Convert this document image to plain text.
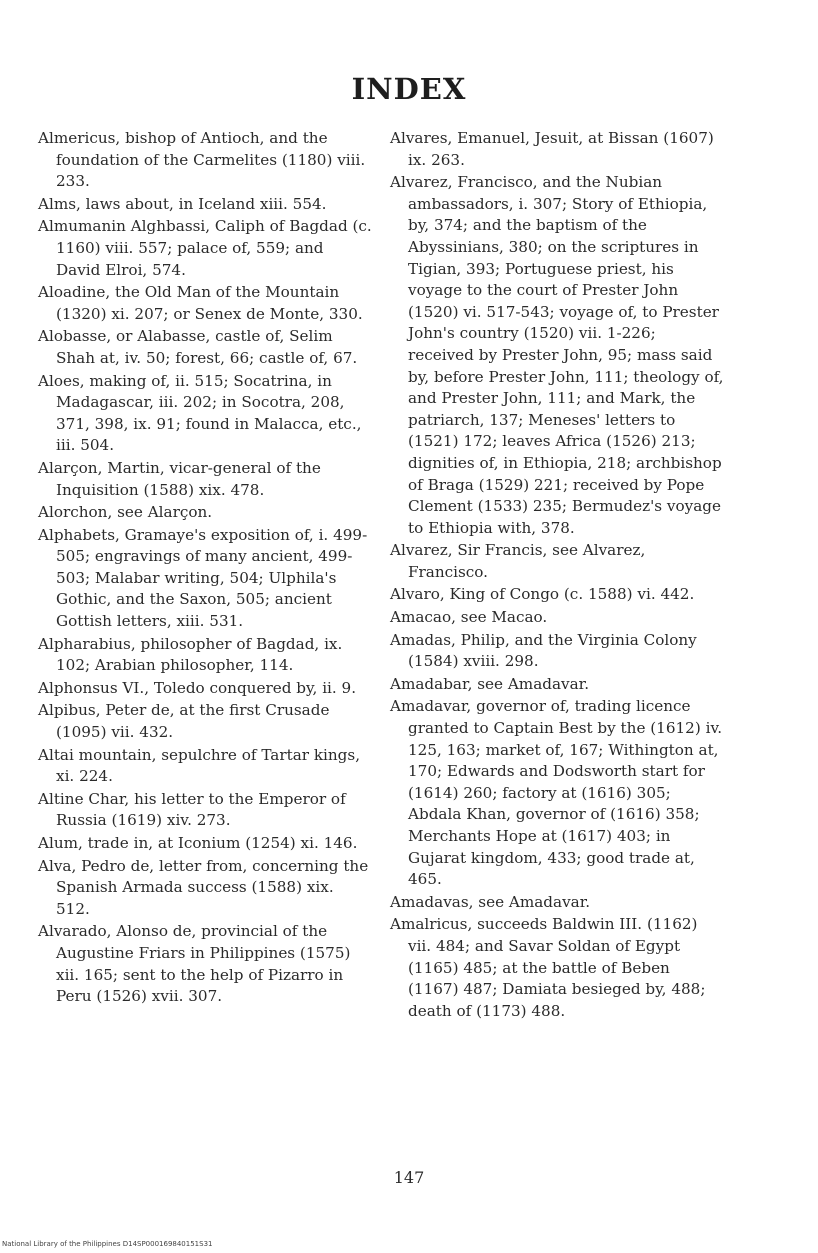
INDEX
Almericus, bishop of Antioch, and the foundation of the Carmelites (1180) viii. 233.
Alms, laws about, in Iceland xiii. 554.
Almumanin Alghbassi, Caliph of Bagdad (c. 1160) viii. 557; palace of, 559; and David Elroi, 574.
Aloadine, the Old Man of the Mountain (1320) xi. 207; or Senex de Monte, 330.
Alobasse, or Alabasse, castle of, Selim Shah at, iv. 50; forest, 66; castle of, 67.
Aloes, making of, ii. 515; Socatrina, in Madagascar, iii. 202; in Socotra, 208, 371, 398, ix. 91; found in Malacca, etc., iii. 504.
Alarçon, Martin, vicar-general of the Inquisition (1588) xix. 478.
Alorchon, see Alarçon.
Alphabets, Gramaye's exposition of, i. 499-505; engravings of many ancient, 499-503; Malabar writing, 504; Ulphila's Gothic, and the Saxon, 505; ancient Gottish letters, xiii. 531.
Alpharabius, philosopher of Bagdad, ix. 102; Arabian philosopher, 114.
Alphonsus VI., Toledo conquered by, ii. 9.
Alpibus, Peter de, at the first Crusade (1095) vii. 432.
Altai mountain, sepulchre of Tartar kings, xi. 224.
Altine Char, his letter to the Emperor of Russia (1619) xiv. 273.
Alum, trade in, at Iconium (1254) xi. 146.
Alva, Pedro de, letter from, concerning the Spanish Armada success (1588) xix. 512.
Alvarado, Alonso de, provincial of the Augustine Friars in Philippines (1575) xii. 165; sent to the help of Pizarro in Peru (1526) xvii. 307.
Alvares, Emanuel, Jesuit, at Bissan (1607) ix. 263.
Alvarez, Francisco, and the Nubian ambassadors, i. 307; Story of Ethiopia, by, 374; and the baptism of the Abyssinians, 380; on the scriptures in Tigian, 393; Portuguese priest, his voyage to the court of Prester John (1520) vi. 517-543; voyage of, to Prester John's country (1520) vii. 1-226; received by Prester John, 95; mass said by, before Prester John, 111; theology of, and Prester John, 111; and Mark, the patriarch, 137; Meneses' letters to (1521) 172; leaves Africa (1526) 213; dignities of, in Ethiopia, 218; archbishop of Braga (1529) 221; received by Pope Clement (1533) 235; Bermudez's voyage to Ethiopia with, 378.
Alvarez, Sir Francis, see Alvarez, Francisco.
Alvaro, King of Congo (c. 1588) vi. 442.
Amacao, see Macao.
Amadas, Philip, and the Virginia Colony (1584) xviii. 298.
Amadabar, see Amadavar.
Amadavar, governor of, trading licence granted to Captain Best by the (1612) iv. 125, 163; market of, 167; Withington at, 170; Edwards and Dodsworth start for (1614) 260; factory at (1616) 305; Abdala Khan, governor of (1616) 358; Merchants Hope at (1617) 403; in Gujarat kingdom, 433; good trade at, 465.
Amadavas, see Amadavar.
Amalricus, succeeds Baldwin III. (1162) vii. 484; and Savar Soldan of Egypt (1165) 485; at the battle of Beben (1167) 487; Damiata besieged by, 488; death of (1173) 488.
147
National Library of the Philippines D14SP000169840151S31
